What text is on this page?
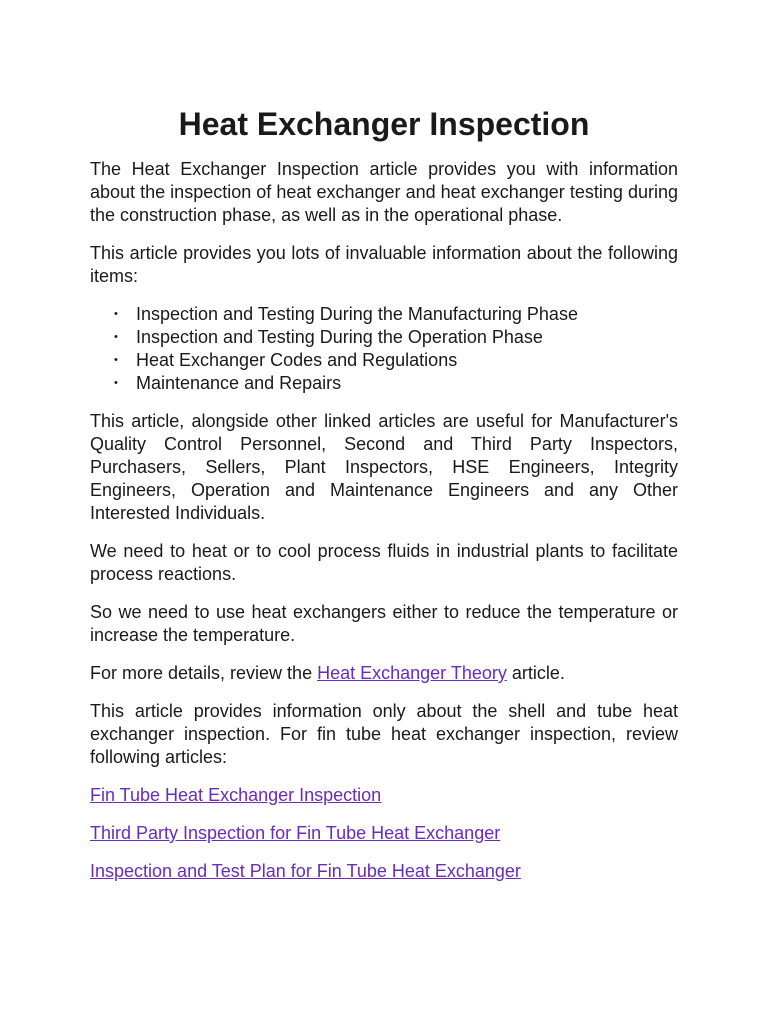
Heat Exchanger Inspection

The Heat Exchanger Inspection article provides you with information about the inspection of heat exchanger and heat exchanger testing during the construction phase, as well as in the operational phase.

This article provides you lots of invaluable information about the following items:

• Inspection and Testing During the Manufacturing Phase
• Inspection and Testing During the Operation Phase
• Heat Exchanger Codes and Regulations
• Maintenance and Repairs

This article, alongside other linked articles are useful for Manufacturer's Quality Control Personnel, Second and Third Party Inspectors, Purchasers, Sellers, Plant Inspectors, HSE Engineers, Integrity Engineers, Operation and Maintenance Engineers and any Other Interested Individuals.

We need to heat or to cool process fluids in industrial plants to facilitate process reactions.

So we need to use heat exchangers either to reduce the temperature or increase the temperature.

For more details, review the Heat Exchanger Theory article.

This article provides information only about the shell and tube heat exchanger inspection. For fin tube heat exchanger inspection, review following articles:

Fin Tube Heat Exchanger Inspection

Third Party Inspection for Fin Tube Heat Exchanger

Inspection and Test Plan for Fin Tube Heat Exchanger
